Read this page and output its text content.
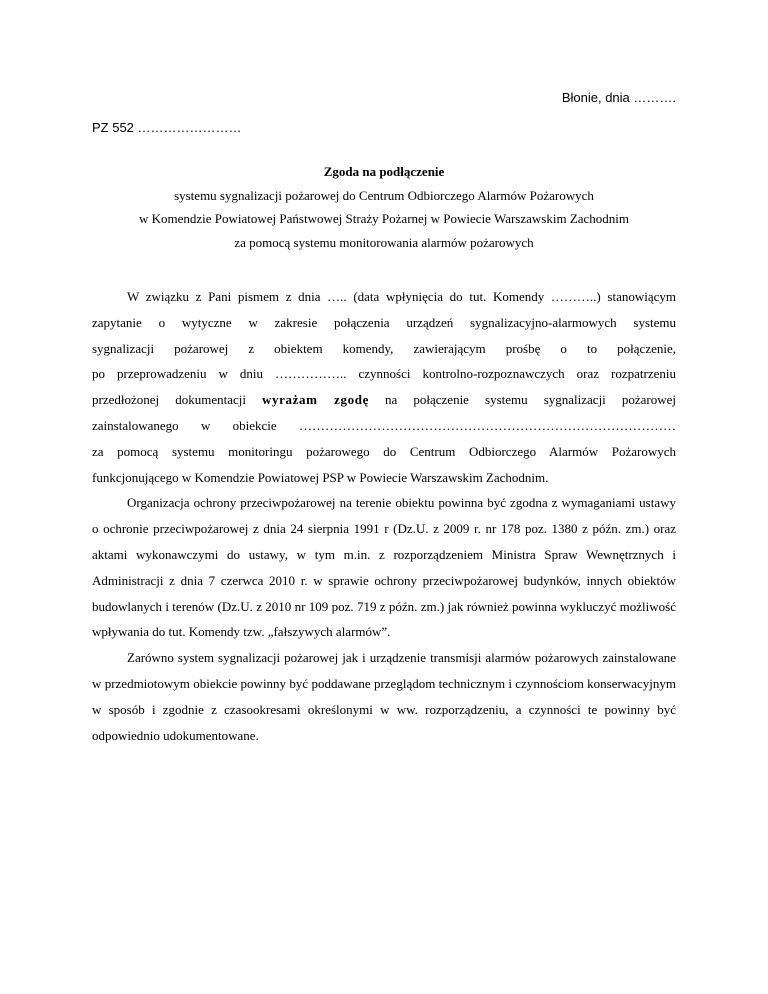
Błonie, dnia ……….
PZ 552 ……………………
Zgoda na podłączenie
systemu sygnalizacji pożarowej do Centrum Odbiorczego Alarmów Pożarowych
w Komendzie Powiatowej Państwowej Straży Pożarnej w Powiecie Warszawskim Zachodnim
za pomocą systemu monitorowania alarmów pożarowych
W związku z Pani pismem z dnia ….. (data wpłynięcia do tut. Komendy ………..) stanowiącym
zapytanie o wytyczne w zakresie połączenia urządzeń sygnalizacyjno-alarmowych systemu
sygnalizacji pożarowej z obiektem komendy, zawierającym prośbę o to połączenie,
po przeprowadzeniu w dniu …………….. czynności kontrolno-rozpoznawczych oraz rozpatrzeniu
przedłożonej dokumentacji wyrażam zgodę na połączenie systemu sygnalizacji pożarowej
zainstalowanego w obiekcie ……………………………………………………………………………
za pomocą systemu monitoringu pożarowego do Centrum Odbiorczego Alarmów Pożarowych
funkcjonującego w Komendzie Powiatowej PSP w Powiecie Warszawskim Zachodnim.

Organizacja ochrony przeciwpożarowej na terenie obiektu powinna być zgodna z wymaganiami ustawy o ochronie przeciwpożarowej z dnia 24 sierpnia 1991 r (Dz.U. z 2009 r. nr 178 poz. 1380 z późn. zm.) oraz aktami wykonawczymi do ustawy, w tym m.in. z rozporządzeniem Ministra Spraw Wewnętrznych i Administracji z dnia 7 czerwca 2010 r. w sprawie ochrony przeciwpożarowej budynków, innych obiektów budowlanych i terenów (Dz.U. z 2010 nr 109 poz. 719 z późn. zm.) jak również powinna wykluczyć możliwość wpływania do tut. Komendy tzw. „fałszywych alarmów”.

Zarówno system sygnalizacji pożarowej jak i urządzenie transmisji alarmów pożarowych zainstalowane w przedmiotowym obiekcie powinny być poddawane przeglądom technicznym i czynnościom konserwacyjnym w sposób i zgodnie z czasookresami określonymi w ww. rozporządzeniu, a czynności te powinny być odpowiednio udokumentowane.
